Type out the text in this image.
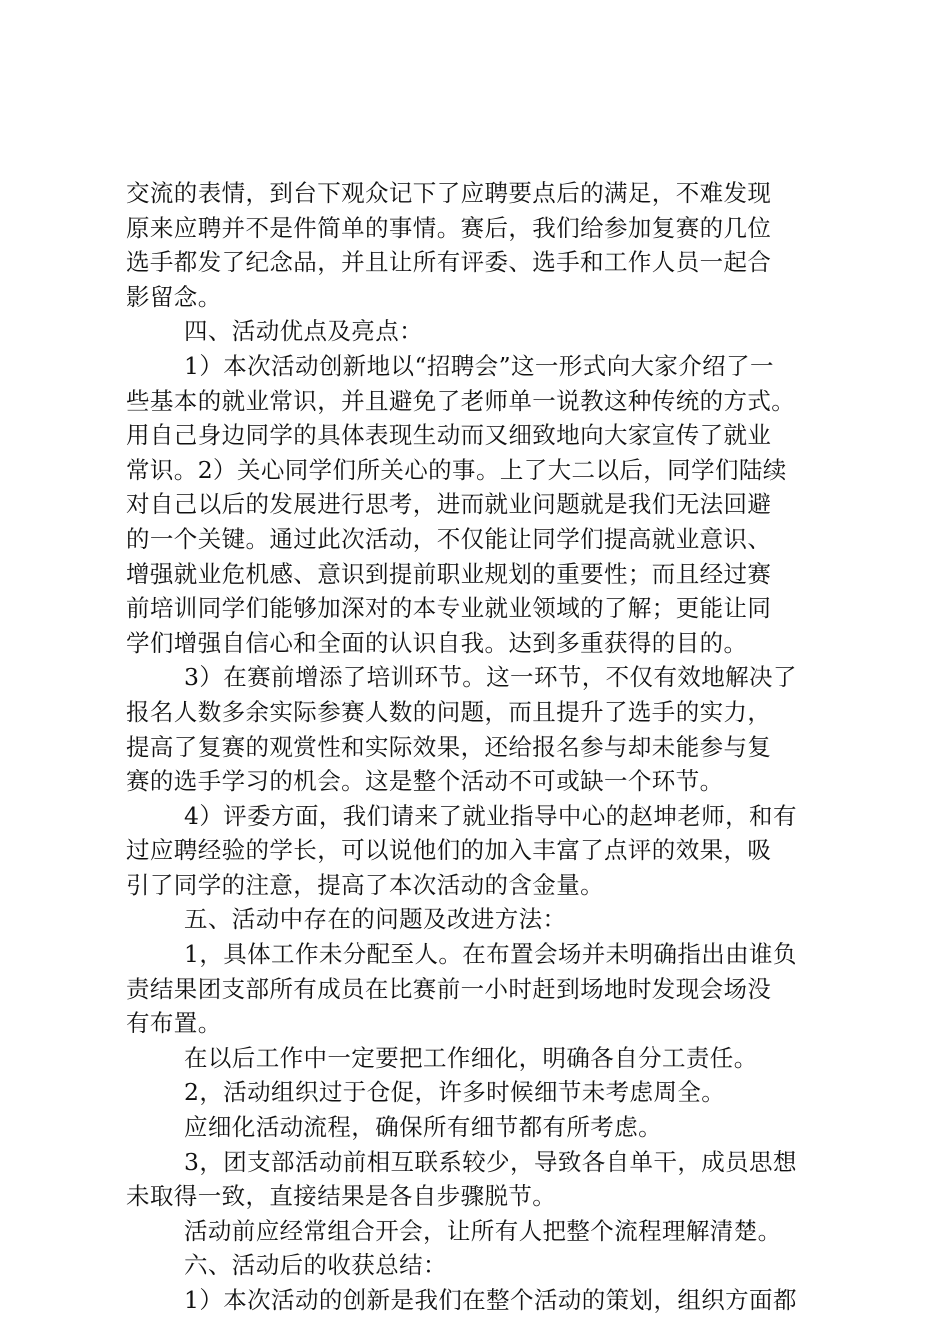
交流的表情，到台下观众记下了应聘要点后的满足，不难发现
原来应聘并不是件简单的事情。赛后，我们给参加复赛的几位
选手都发了纪念品，并且让所有评委、选手和工作人员一起合
影留念。
四、活动优点及亮点：
1）本次活动创新地以“招聘会”这一形式向大家介绍了一
些基本的就业常识，并且避免了老师单一说教这种传统的方式。
用自己身边同学的具体表现生动而又细致地向大家宣传了就业
常识。2）关心同学们所关心的事。上了大二以后，同学们陆续
对自己以后的发展进行思考，进而就业问题就是我们无法回避
的一个关键。通过此次活动，不仅能让同学们提高就业意识、
增强就业危机感、意识到提前职业规划的重要性；而且经过赛
前培训同学们能够加深对的本专业就业领域的了解；更能让同
学们增强自信心和全面的认识自我。达到多重获得的目的。
3）在赛前增添了培训环节。这一环节，不仅有效地解决了
报名人数多余实际参赛人数的问题，而且提升了选手的实力，
提高了复赛的观赏性和实际效果，还给报名参与却未能参与复
赛的选手学习的机会。这是整个活动不可或缺一个环节。
4）评委方面，我们请来了就业指导中心的赵坤老师，和有
过应聘经验的学长，可以说他们的加入丰富了点评的效果，吸
引了同学的注意，提高了本次活动的含金量。
五、活动中存在的问题及改进方法：
1，具体工作未分配至人。在布置会场并未明确指出由谁负
责结果团支部所有成员在比赛前一小时赶到场地时发现会场没
有布置。
在以后工作中一定要把工作细化，明确各自分工责任。
2，活动组织过于仓促，许多时候细节未考虑周全。
应细化活动流程，确保所有细节都有所考虑。
3，团支部活动前相互联系较少，导致各自单干，成员思想
未取得一致，直接结果是各自步骤脱节。
活动前应经常组合开会，让所有人把整个流程理解清楚。
六、活动后的收获总结：
1）本次活动的创新是我们在整个活动的策划，组织方面都
